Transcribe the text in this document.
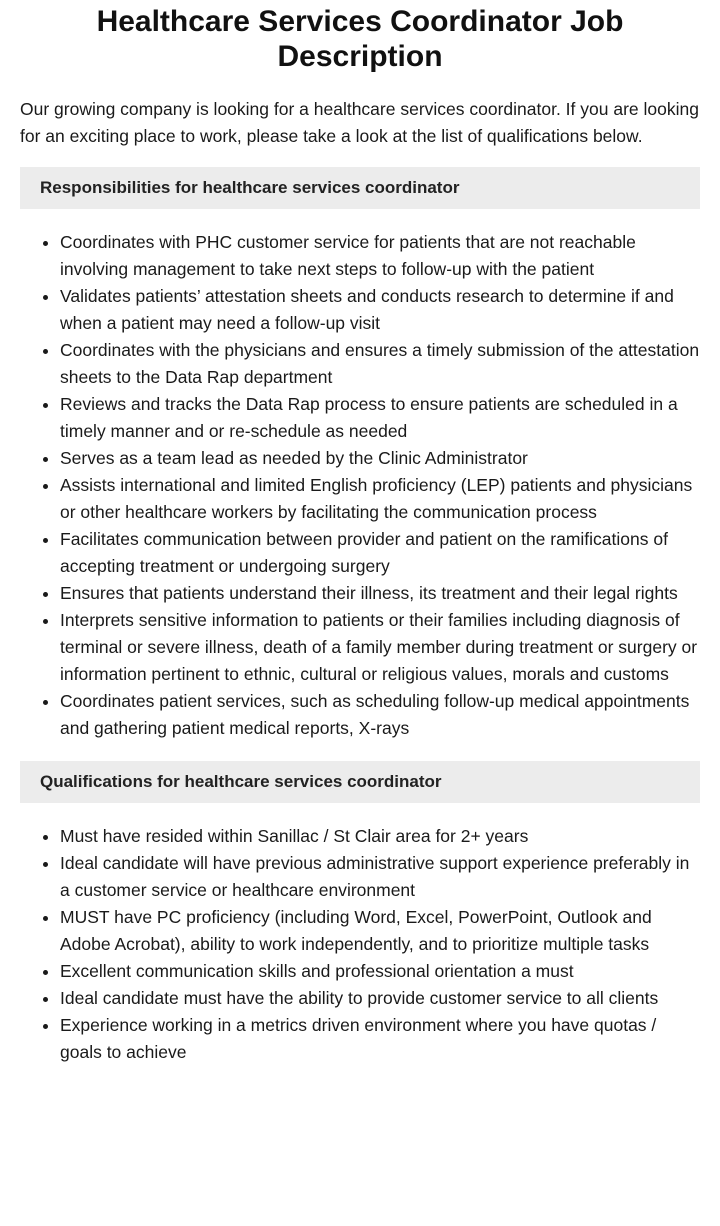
Healthcare Services Coordinator Job Description

Our growing company is looking for a healthcare services coordinator. If you are looking for an exciting place to work, please take a look at the list of qualifications below.

Responsibilities for healthcare services coordinator
• Coordinates with PHC customer service for patients that are not reachable involving management to take next steps to follow-up with the patient
• Validates patients’ attestation sheets and conducts research to determine if and when a patient may need a follow-up visit
• Coordinates with the physicians and ensures a timely submission of the attestation sheets to the Data Rap department
• Reviews and tracks the Data Rap process to ensure patients are scheduled in a timely manner and or re-schedule as needed
• Serves as a team lead as needed by the Clinic Administrator
• Assists international and limited English proficiency (LEP) patients and physicians or other healthcare workers by facilitating the communication process
• Facilitates communication between provider and patient on the ramifications of accepting treatment or undergoing surgery
• Ensures that patients understand their illness, its treatment and their legal rights
• Interprets sensitive information to patients or their families including diagnosis of terminal or severe illness, death of a family member during treatment or surgery or information pertinent to ethnic, cultural or religious values, morals and customs
• Coordinates patient services, such as scheduling follow-up medical appointments and gathering patient medical reports, X-rays
Qualifications for healthcare services coordinator
• Must have resided within Sanillac / St Clair area for 2+ years
• Ideal candidate will have previous administrative support experience preferably in a customer service or healthcare environment
• MUST have PC proficiency (including Word, Excel, PowerPoint, Outlook and Adobe Acrobat), ability to work independently, and to prioritize multiple tasks
• Excellent communication skills and professional orientation a must
• Ideal candidate must have the ability to provide customer service to all clients
• Experience working in a metrics driven environment where you have quotas / goals to achieve
